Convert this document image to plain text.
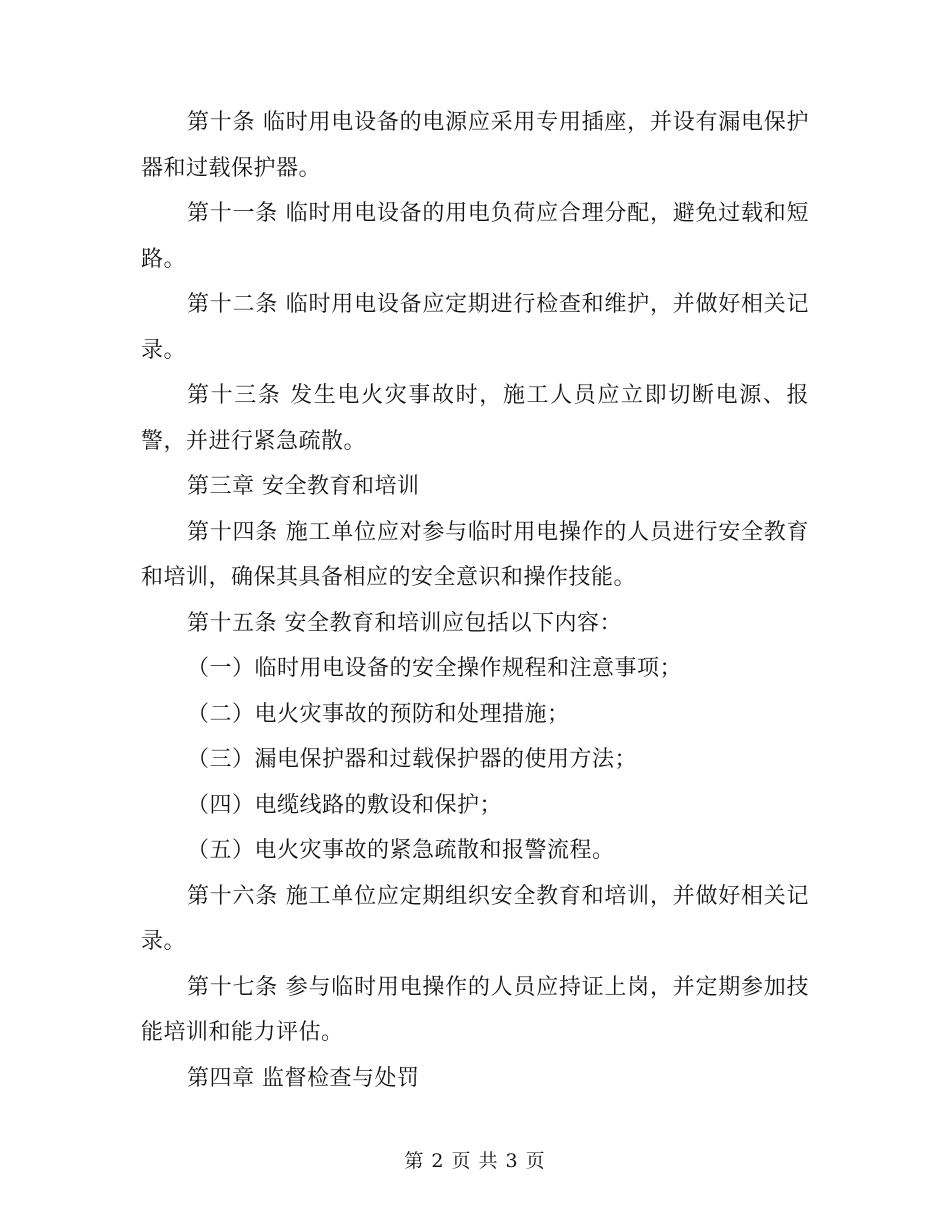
第十条 临时用电设备的电源应采用专用插座，并设有漏电保护器和过载保护器。

第十一条 临时用电设备的用电负荷应合理分配，避免过载和短路。

第十二条 临时用电设备应定期进行检查和维护，并做好相关记录。

第十三条 发生电火灾事故时，施工人员应立即切断电源、报警，并进行紧急疏散。

第三章 安全教育和培训

第十四条 施工单位应对参与临时用电操作的人员进行安全教育和培训，确保其具备相应的安全意识和操作技能。

第十五条 安全教育和培训应包括以下内容：

（一）临时用电设备的安全操作规程和注意事项；

（二）电火灾事故的预防和处理措施；

（三）漏电保护器和过载保护器的使用方法；

（四）电缆线路的敷设和保护；

（五）电火灾事故的紧急疏散和报警流程。

第十六条 施工单位应定期组织安全教育和培训，并做好相关记录。

第十七条 参与临时用电操作的人员应持证上岗，并定期参加技能培训和能力评估。

第四章 监督检查与处罚

第 2 页 共 3 页
